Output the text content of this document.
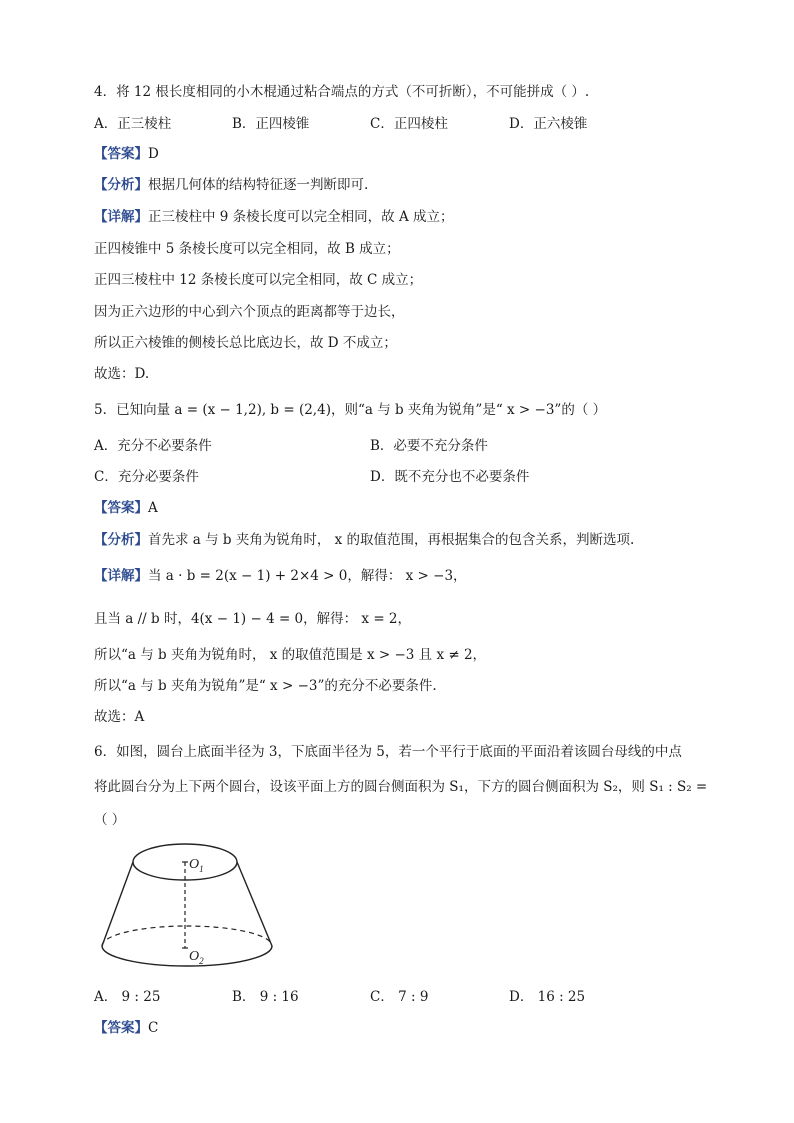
4．将 12 根长度相同的小木棍通过粘合端点的方式（不可折断），不可能拼成（ ）.
A．正三棱柱	B．正四棱锥	C．正四棱柱	D．正六棱锥
【答案】D
【分析】根据几何体的结构特征逐一判断即可.
【详解】正三棱柱中 9 条棱长度可以完全相同，故 A 成立；
正四棱锥中 5 条棱长度可以完全相同，故 B 成立；
正四三棱柱中 12 条棱长度可以完全相同，故 C 成立；
因为正六边形的中心到六个顶点的距离都等于边长，
所以正六棱锥的侧棱长总比底边长，故 D 不成立；
故选：D.
5．已知向量 a = (x − 1,2), b = (2,4)，则“a 与 b 夹角为锐角”是“ x > −3”的（ ）
A．充分不必要条件	B．必要不充分条件
C．充分必要条件	D．既不充分也不必要条件
【答案】A
【分析】首先求 a 与 b 夹角为锐角时， x 的取值范围，再根据集合的包含关系，判断选项.
【详解】当 a · b = 2(x − 1) + 2×4 > 0，解得： x > −3，
且当 a // b 时，4(x − 1) − 4 = 0，解得： x = 2，
所以“a 与 b 夹角为锐角时， x 的取值范围是 x > −3 且 x ≠ 2，
所以“a 与 b 夹角为锐角”是“ x > −3”的充分不必要条件.
故选：A
6．如图，圆台上底面半径为 3，下底面半径为 5，若一个平行于底面的平面沿着该圆台母线的中点
将此圆台分为上下两个圆台，设该平面上方的圆台侧面积为 S₁，下方的圆台侧面积为 S₂，则 S₁ : S₂ =
（ ）
$O_1$
$O_2$
A． 9 : 25	B． 9 : 16	C． 7 : 9	D． 16 : 25
【答案】C
